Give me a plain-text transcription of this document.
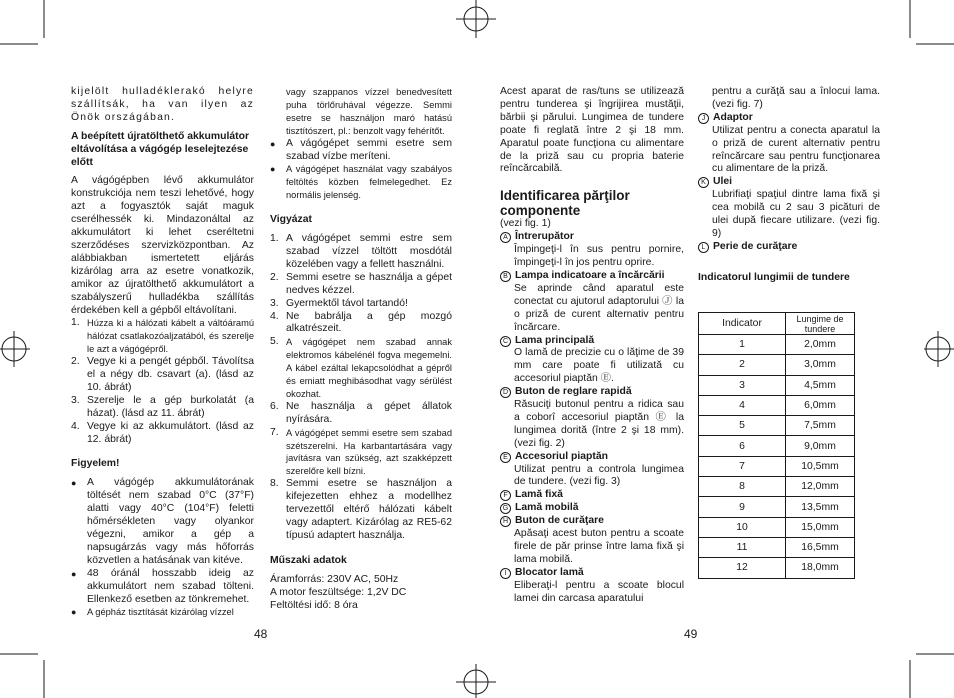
kijelölt hulladéklerakó helyre szállítsák, ha van ilyen az Önök országában.

A beépített újratölthető akkumulátor eltávolítása a vágógép leselejtezése előtt

A vágógépben lévő akkumulátor konstrukciója nem teszi lehetővé, hogy azt a fogyasztók saját maguk cserélhessék ki. Mindazonáltal az akkumulátort ki lehet cseréltetni szerződéses szervizközpontban. Az alábbiakban ismertetett eljárás kizárólag arra az esetre vonatkozik, amikor az újratölthető akkumulátort a szabályszerű hulladékba szállítás érdekében kell a gépből eltávolítani.

1. Húzza ki a hálózati kábelt a váltóáramú hálózat csatlakozóaljzatából, és szerelje le azt a vágógépről.
2. Vegye ki a pengét gépből. Távolítsa el a négy db. csavart (a). (lásd az 10. ábrát)
3. Szerelje le a gép burkolatát (a házat). (lásd az 11. ábrát)
4. Vegye ki az akkumulátort. (lásd az 12. ábrát)

Figyelem!

●	A vágógép akkumulátorának töltését nem szabad 0°C (37°F) alatti vagy 40°C (104°F) feletti hőmérsékleten vagy olyankor végezni, amikor a gép a napsugárzás vagy más hőforrás közvetlen a hatásának van kitéve.
●	48 óránál hosszabb ideig az akkumulátort nem szabad tölteni. Ellenkező esetben az tönkremehet.
●	A gépház tisztítását kizárólag vízzel

vagy szappanos vízzel benedvesített puha törlőruhával végezze. Semmi esetre se használjon maró hatású tisztítószert, pl.: benzolt vagy fehérítőt.

●	A vágógépet semmi esetre sem szabad vízbe meríteni.
●	A vágógépet használat vagy szabályos feltöltés közben felmelegedhet. Ez normális jelenség.

Vigyázat

1. A vágógépet semmi estre sem szabad vízzel töltött mosdótál közelében vagy a fellett használni.
2. Semmi esetre se használja a gépet nedves kézzel.
3. Gyermektől távol tartandó!
4. Ne babrálja a gép mozgó alkatrészeit.
5. A vágógépet nem szabad annak elektromos kábelénél fogva megemelni. A kábel ezáltal lekapcsolódhat a gépről és emiatt meghibásodhat vagy sérülést okozhat.
6. Ne használja a gépet állatok nyírására.
7. A vágógépet semmi esetre sem szabad szétszerelni. Ha karbantartására vagy javításra van szükség, azt szakképzett szerelőre kell bízni.
8. Semmi esetre se használjon a kifejezetten ehhez a modellhez tervezettől eltérő hálózati kábelt vagy adaptert. Kizárólag az RE5-62 típusú adaptert használja.

Műszaki adatok

Áramforrás: 230V AC, 50Hz

A motor feszültsége: 1,2V DC

Feltöltési idő: 8 óra

48

Acest aparat de ras/tuns se utilizează pentru tunderea şi îngrijirea mustăţii, bărbii şi părului. Lungimea de tundere poate fi reglată între 2 şi 18 mm. Aparatul poate funcţiona cu alimentare de la priză sau cu propria baterie reîncărcabilă.

Identificarea părţilor componente

(vezi fig. 1)

A Întrerupător

Împingeţi-l în sus pentru pornire, împingeţi-l în jos pentru oprire.

B Lampa indicatoare a încărcării

Se aprinde când aparatul este conectat cu ajutorul adaptorului Ⓙ la o priză de curent alternativ pentru încărcare.

C Lama principală

O lamă de precizie cu o lăţime de 39 mm care poate fi utilizată cu accesoriul piaptăn Ⓔ.

D Buton de reglare rapidă

Răsuciţi butonul pentru a ridica sau a coborî accesoriul piaptăn Ⓔ la lungimea dorită (între 2 şi 18 mm). (vezi fig. 2)

E Accesoriul piaptăn

Utilizat pentru a controla lungimea de tundere. (vezi fig. 3)

F Lamă fixă
G Lamă mobilă
H Buton de curăţare

Apăsaţi acest buton pentru a scoate firele de păr prinse între lama fixă şi lama mobilă.

I Blocator lamă

Eliberaţi-l pentru a scoate blocul lamei din carcasa aparatului

pentru a curăţă sau a înlocui lama. (vezi fig. 7)

J Adaptor

Utilizat pentru a conecta aparatul la o priză de curent alternativ pentru reîncărcare sau pentru funcţionarea cu alimentare de la priză.

K Ulei

Lubrifiaţi spaţiul dintre lama fixă şi cea mobilă cu 2 sau 3 picături de ulei după fiecare utilizare. (vezi fig. 9)

L Perie de curăţare

Indicatorul lungimii de tundere

Indicator	Lungime de tundere
1	2,0mm
2	3,0mm
3	4,5mm
4	6,0mm
5	7,5mm
6	9,0mm
7	10,5mm
8	12,0mm
9	13,5mm
10	15,0mm
11	16,5mm
12	18,0mm
49
